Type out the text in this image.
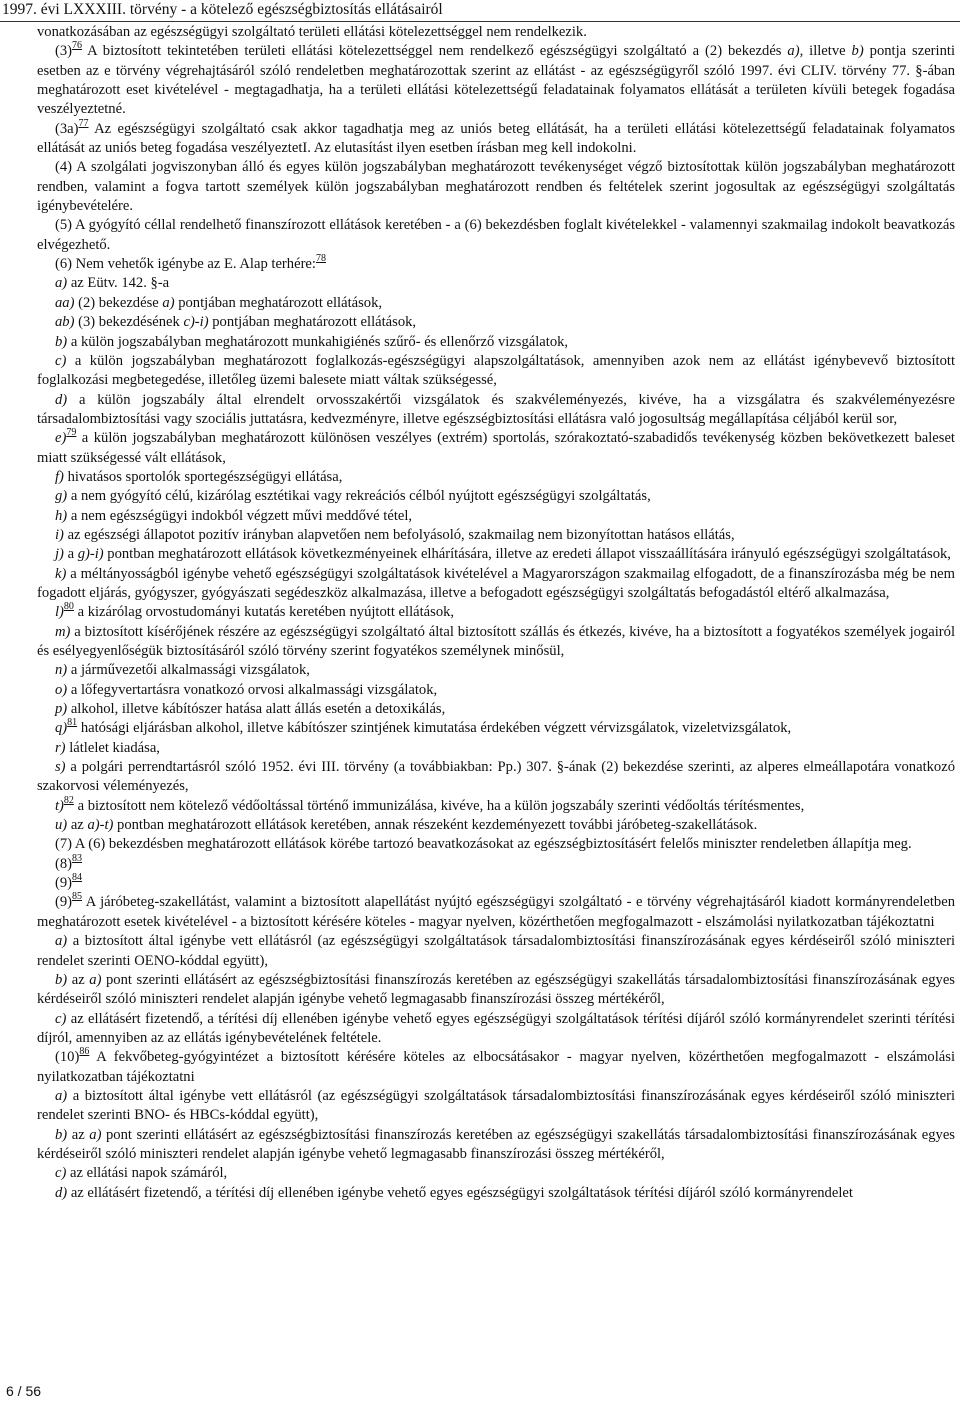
1997. évi LXXXIII. törvény - a kötelező egészségbiztosítás ellátásairól

vonatkozásában az egészségügyi szolgáltató területi ellátási kötelezettséggel nem rendelkezik.

$(3)^{76}$ A biztosított tekintetében területi ellátási kötelezettséggel nem rendelkező egészségügyi szolgáltató a (2) bekezdés a), illetve b) pontja szerinti esetben az e törvény végrehajtásáról szóló rendeletben meghatározottak szerint az ellátást - az egészségügyről szóló 1997. évi CLIV. törvény 77. §-ában meghatározott eset kivételével - megtagadhatja, ha a területi ellátási kötelezettségű feladatainak folyamatos ellátását a területen kívüli betegek fogadása veszélyeztetné.

$(3a)^{77}$ Az egészségügyi szolgáltató csak akkor tagadhatja meg az uniós beteg ellátását, ha a területi ellátási kötelezettségű feladatainak folyamatos ellátását az uniós beteg fogadása veszélyeztetI. Az elutasítást ilyen esetben írásban meg kell indokolni.

(4) A szolgálati jogviszonyban álló és egyes külön jogszabályban meghatározott tevékenységet végző biztosítottak külön jogszabályban meghatározott rendben, valamint a fogva tartott személyek külön jogszabályban meghatározott rendben és feltételek szerint jogosultak az egészségügyi szolgáltatás igénybevételére.

(5) A gyógyító céllal rendelhető finanszírozott ellátások keretében - a (6) bekezdésben foglalt kivételekkel - valamennyi szakmailag indokolt beavatkozás elvégezhető.

(6) Nem vehetők igénybe az E. Alap terhére:$^{78}$

a) az Eütv. 142. §-a

aa) (2) bekezdése a) pontjában meghatározott ellátások,

ab) (3) bekezdésének c)-i) pontjában meghatározott ellátások,

b) a külön jogszabályban meghatározott munkahigiénés szűrő- és ellenőrző vizsgálatok,

c) a külön jogszabályban meghatározott foglalkozás-egészségügyi alapszolgáltatások, amennyiben azok nem az ellátást igénybevevő biztosított foglalkozási megbetegedése, illetőleg üzemi balesete miatt váltak szükségessé,

d) a külön jogszabály által elrendelt orvosszakértői vizsgálatok és szakvéleményezés, kivéve, ha a vizsgálatra és szakvéleményezésre társadalombiztosítási vagy szociális juttatásra, kedvezményre, illetve egészségbiztosítási ellátásra való jogosultság megállapítása céljából kerül sor,

e)$^{79}$ a külön jogszabályban meghatározott különösen veszélyes (extrém) sportolás, szórakoztató-szabadidős tevékenység közben bekövetkezett baleset miatt szükségessé vált ellátások,

f) hivatásos sportolók sportegészségügyi ellátása,

g) a nem gyógyító célú, kizárólag esztétikai vagy rekreációs célból nyújtott egészségügyi szolgáltatás,

h) a nem egészségügyi indokból végzett művi meddővé tétel,

i) az egészségi állapotot pozitív irányban alapvetően nem befolyásoló, szakmailag nem bizonyítottan hatásos ellátás,

j) a g)-i) pontban meghatározott ellátások következményeinek elhárítására, illetve az eredeti állapot visszaállítására irányuló egészségügyi szolgáltatások,

k) a méltányosságból igénybe vehető egészségügyi szolgáltatások kivételével a Magyarországon szakmailag elfogadott, de a finanszírozásba még be nem fogadott eljárás, gyógyszer, gyógyászati segédeszköz alkalmazása, illetve a befogadott egészségügyi szolgáltatás befogadástól eltérő alkalmazása,

l)$^{80}$ a kizárólag orvostudományi kutatás keretében nyújtott ellátások,

m) a biztosított kísérőjének részére az egészségügyi szolgáltató által biztosított szállás és étkezés, kivéve, ha a biztosított a fogyatékos személyek jogairól és esélyegyenlőségük biztosításáról szóló törvény szerint fogyatékos személynek minősül,

n) a járművezetői alkalmassági vizsgálatok,

o) a lőfegyvertartásra vonatkozó orvosi alkalmassági vizsgálatok,

p) alkohol, illetve kábítószer hatása alatt állás esetén a detoxikálás,

q)$^{81}$ hatósági eljárásban alkohol, illetve kábítószer szintjének kimutatása érdekében végzett vérvizsgálatok, vizeletvizsgálatok,

r) látlelet kiadása,

s) a polgári perrendtartásról szóló 1952. évi III. törvény (a továbbiakban: Pp.) 307. §-ának (2) bekezdése szerinti, az alperes elmeállapotára vonatkozó szakorvosi véleményezés,

t)$^{82}$ a biztosított nem kötelező védőoltással történő immunizálása, kivéve, ha a külön jogszabály szerinti védőoltás térítésmentes,

u) az a)-t) pontban meghatározott ellátások keretében, annak részeként kezdeményezett további járóbeteg-szakellátások.

(7) A (6) bekezdésben meghatározott ellátások körébe tartozó beavatkozásokat az egészségbiztosításért felelős miniszter rendeletben állapítja meg.

$(8)^{83}$

$(9)^{84}$

$(9)^{85}$ A járóbeteg-szakellátást, valamint a biztosított alapellátást nyújtó egészségügyi szolgáltató - e törvény végrehajtásáról kiadott kormányrendeletben meghatározott esetek kivételével - a biztosított kérésére köteles - magyar nyelven, közérthetően megfogalmazott - elszámolási nyilatkozatban tájékoztatni

a) a biztosított által igénybe vett ellátásról (az egészségügyi szolgáltatások társadalombiztosítási finanszírozásának egyes kérdéseiről szóló miniszteri rendelet szerinti OENO-kóddal együtt),

b) az a) pont szerinti ellátásért az egészségbiztosítási finanszírozás keretében az egészségügyi szakellátás társadalombiztosítási finanszírozásának egyes kérdéseiről szóló miniszteri rendelet alapján igénybe vehető legmagasabb finanszírozási összeg mértékéről,

c) az ellátásért fizetendő, a térítési díj ellenében igénybe vehető egyes egészségügyi szolgáltatások térítési díjáról szóló kormányrendelet szerinti térítési díjról, amennyiben az az ellátás igénybevételének feltétele.

$(10)^{86}$ A fekvőbeteg-gyógyintézet a biztosított kérésére köteles az elbocsátásakor - magyar nyelven, közérthetően megfogalmazott - elszámolási nyilatkozatban tájékoztatni

a) a biztosított által igénybe vett ellátásról (az egészségügyi szolgáltatások társadalombiztosítási finanszírozásának egyes kérdéseiről szóló miniszteri rendelet szerinti BNO- és HBCs-kóddal együtt),

b) az a) pont szerinti ellátásért az egészségbiztosítási finanszírozás keretében az egészségügyi szakellátás társadalombiztosítási finanszírozásának egyes kérdéseiről szóló miniszteri rendelet alapján igénybe vehető legmagasabb finanszírozási összeg mértékéről,

c) az ellátási napok számáról,

d) az ellátásért fizetendő, a térítési díj ellenében igénybe vehető egyes egészségügyi szolgáltatások térítési díjáról szóló kormányrendelet

6 / 56
